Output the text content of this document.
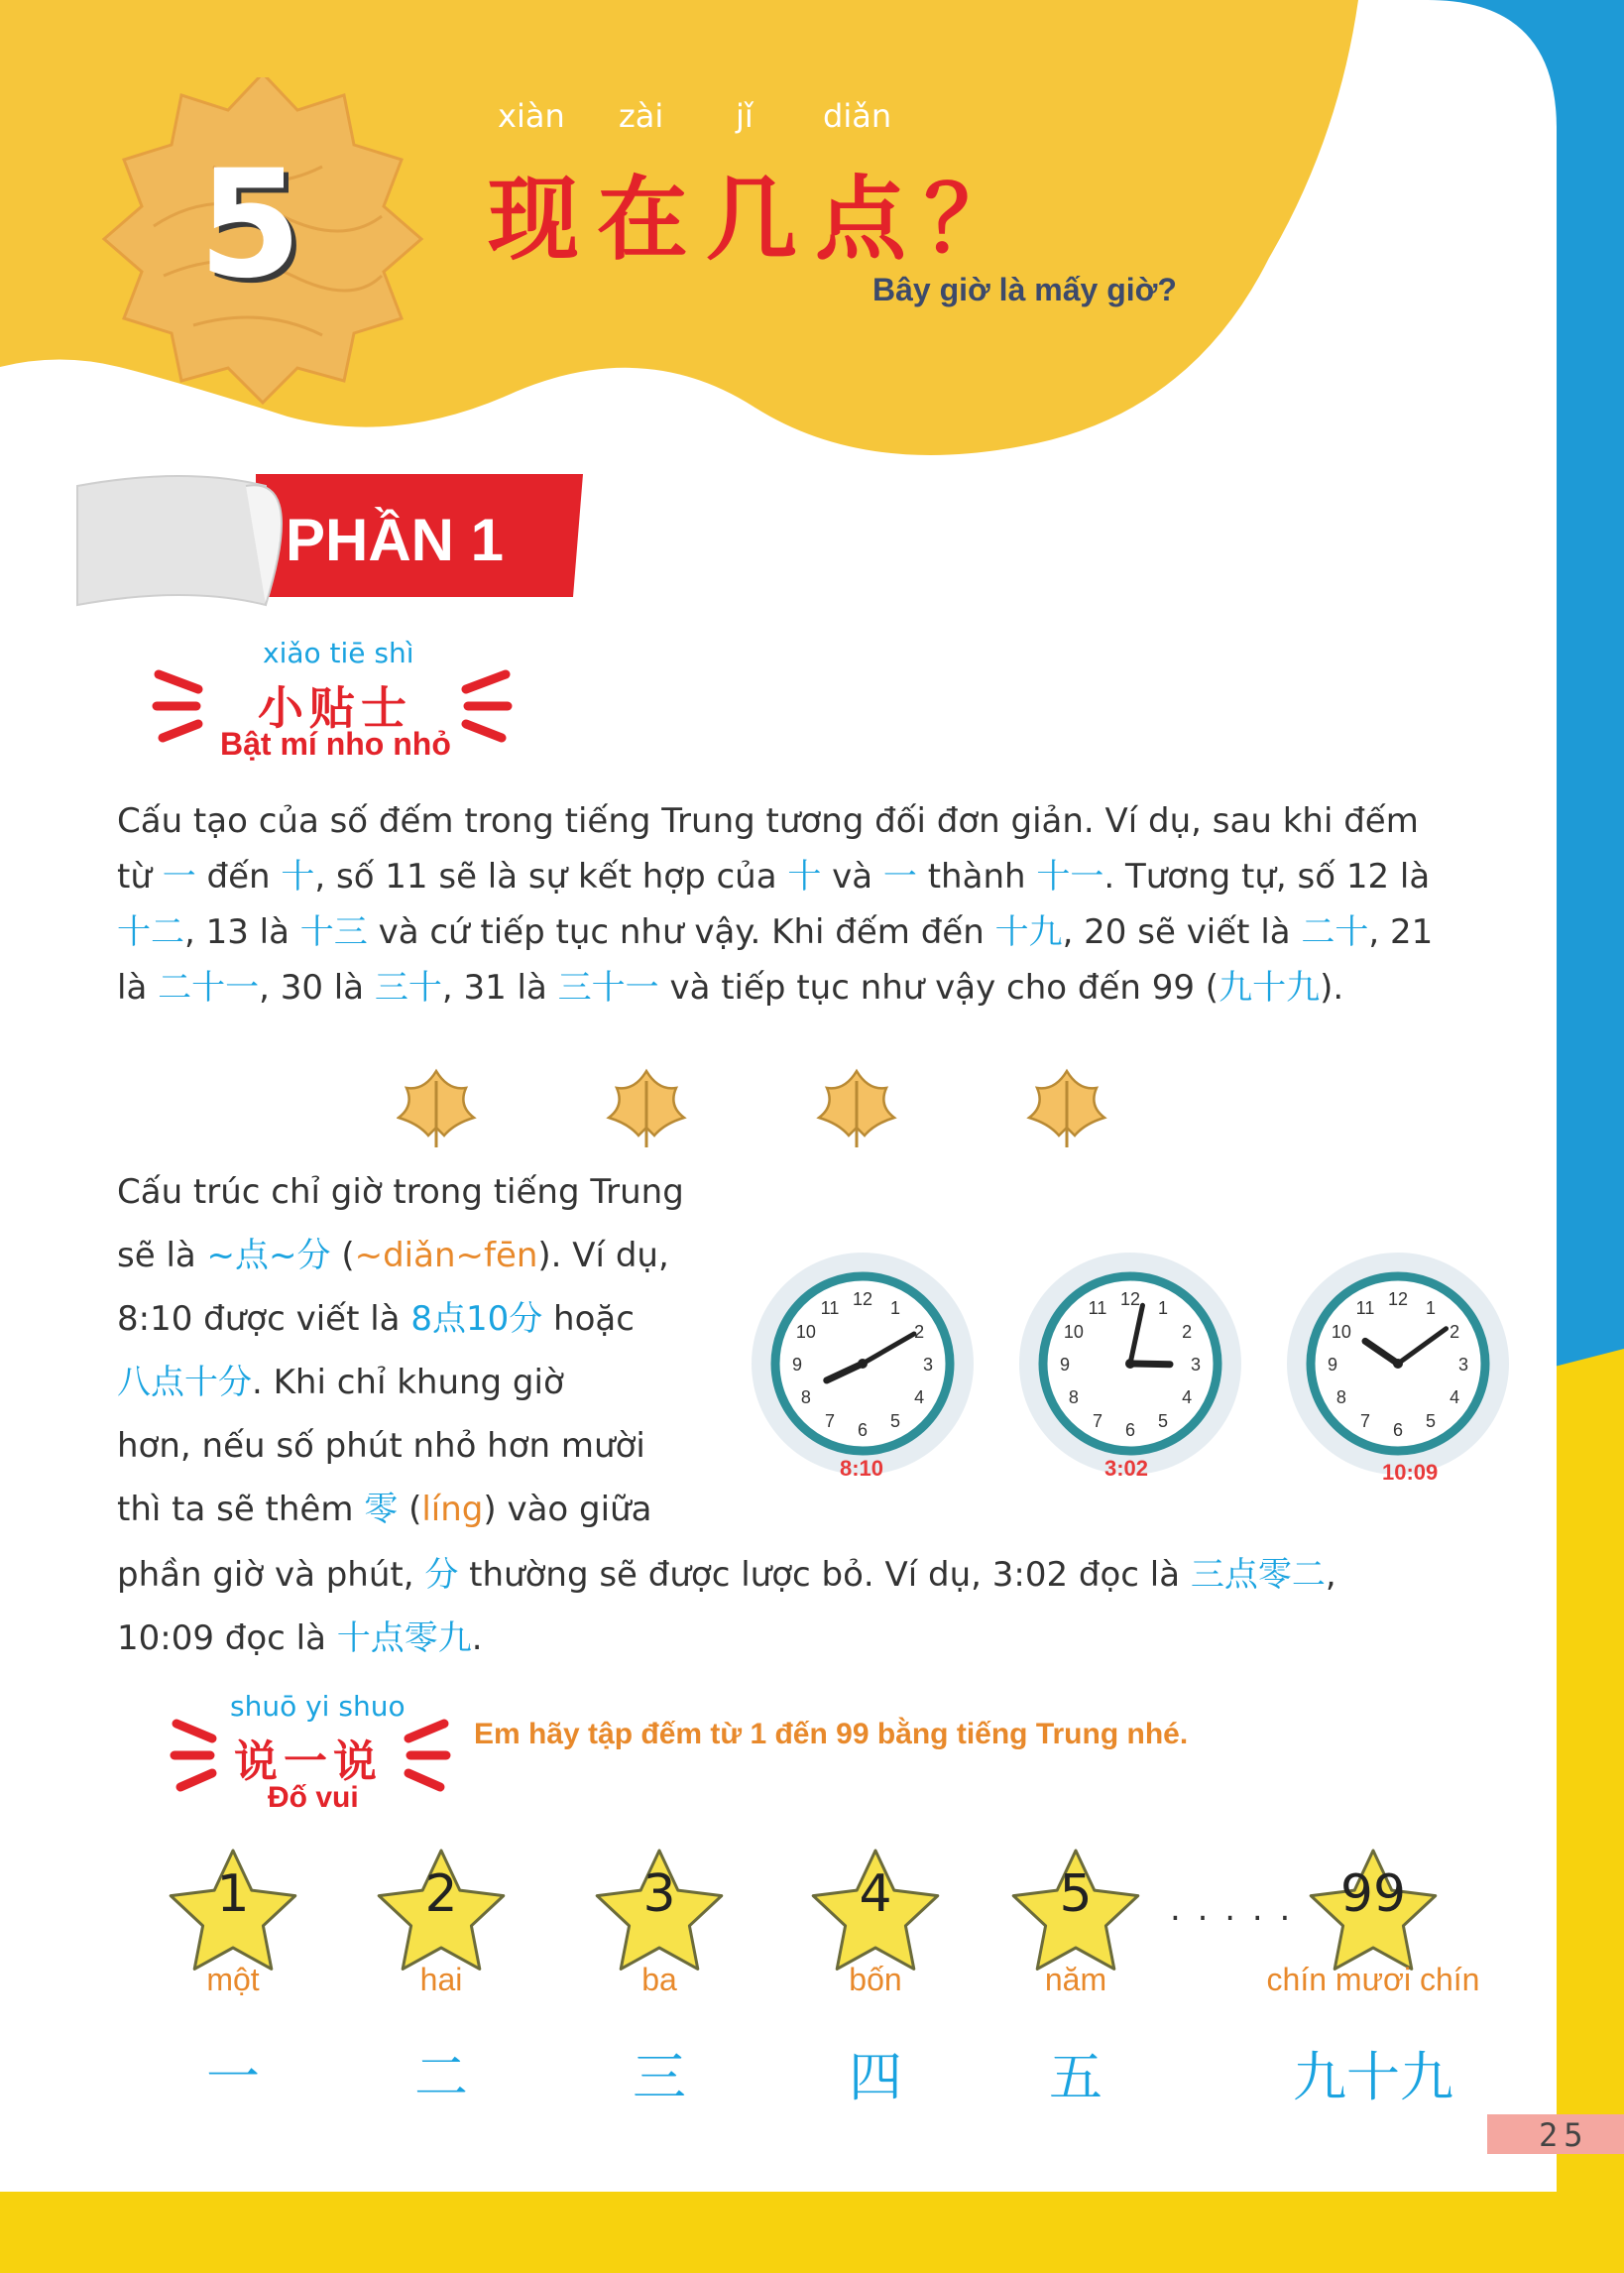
5
xiàn zài jǐ diǎn
现在几点？
Bây giờ là mấy giờ?
PHẦN 1
xiǎo tiē shì
小贴士
Bật mí nho nhỏ
Cấu tạo của số đếm trong tiếng Trung tương đối đơn giản. Ví dụ, sau khi đếm
từ 一 đến 十, số 11 sẽ là sự kết hợp của 十 và 一 thành 十一. Tương tự, số 12 là
十二, 13 là 十三 và cứ tiếp tục như vậy. Khi đếm đến 十九, 20 sẽ viết là 二十, 21
là 二十一, 30 là 三十, 31 là 三十一 và tiếp tục như vậy cho đến 99 (九十九).
Cấu trúc chỉ giờ trong tiếng Trung
sẽ là ~点~分 (~diǎn~fēn). Ví dụ,
8:10 được viết là 8点10分 hoặc
八点十分. Khi chỉ khung giờ
hơn, nếu số phút nhỏ hơn mười
thì ta sẽ thêm 零 (líng) vào giữa
phần giờ và phút, 分 thường sẽ được lược bỏ. Ví dụ, 3:02 đọc là 三点零二,
10:09 đọc là 十点零九.
1
2
3
4
5
6
7
8
9
10
11 12	1
2
3
4
5
6
7
8
9
10
11 12	1
2
3
4
5
6
7
8
9
10
11 12
8:10	3:02	10:09
shuō yi shuo
说一说
Đố vui
Em hãy tập đếm từ 1 đến 99 bằng tiếng Trung nhé.
1
một
一
2
hai
二
3
ba
三
4
bốn
四
5
năm
五
99
chín mươi chín
九十九
. . . . .
25
